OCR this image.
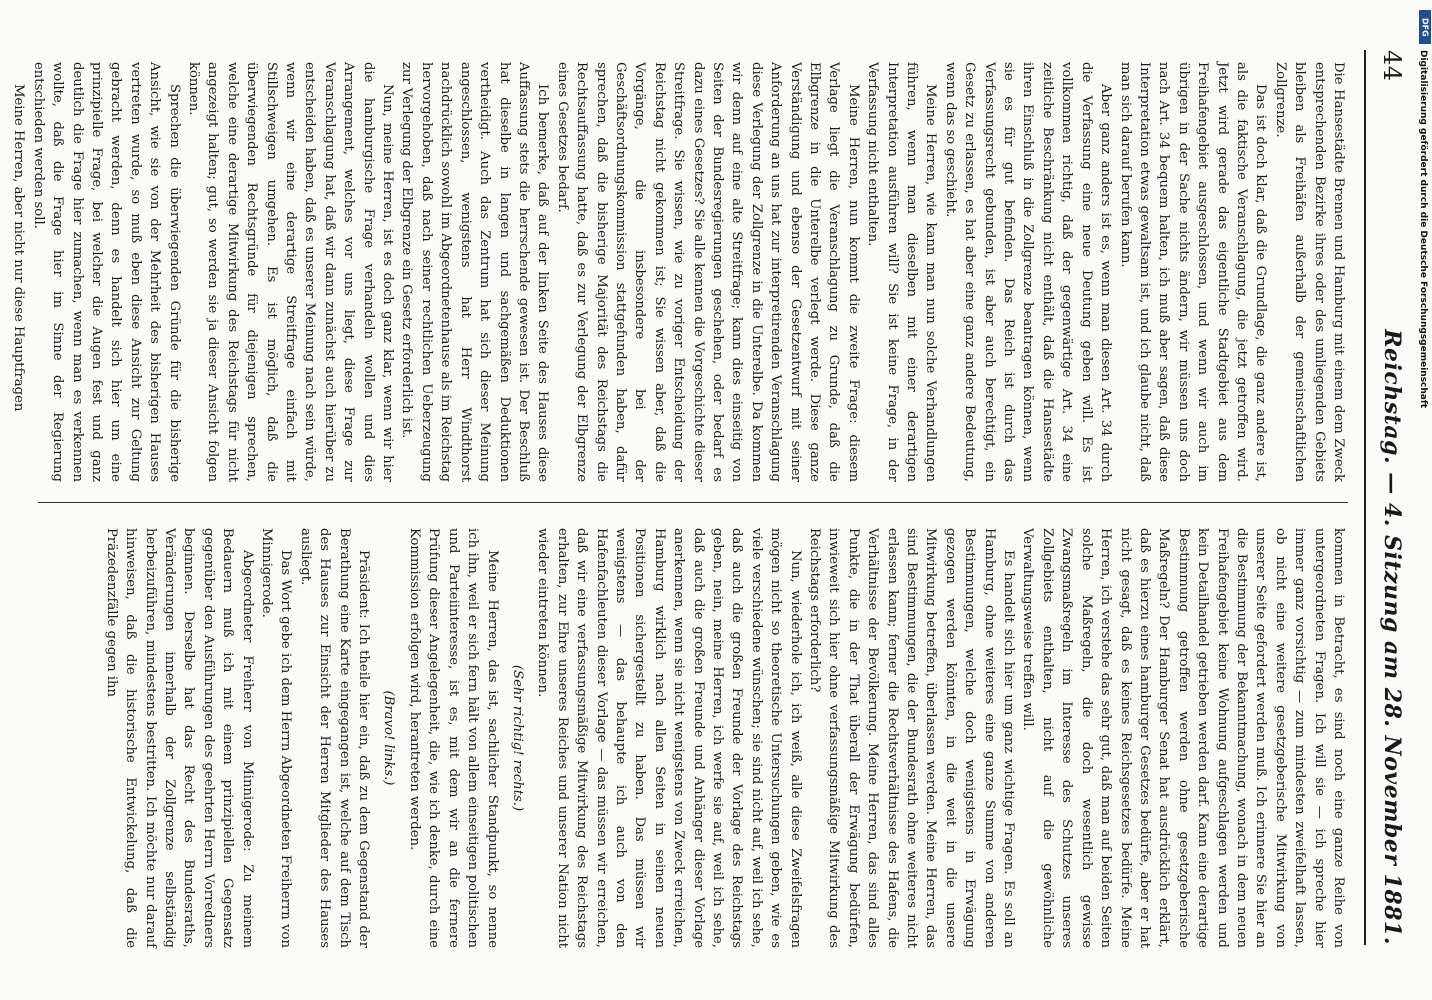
44
Reichstag. — 4. Sitzung am 28. November 1881.

Die Hansestädte Bremen und Hamburg mit einem dem Zweck entsprechenden Bezirke ihres oder des umliegenden Gebiets bleiben als Freihäfen außerhalb der gemeinschaftlichen Zollgrenze.

Das ist doch klar, daß die Grundlage, die ganz andere ist, als die faktische Veranschlagung, die jetzt getroffen wird. Jetzt wird gerade das eigentliche Stadtgebiet aus dem Freihafengebiet ausgeschlossen, und wenn wir auch im übrigen in der Sache nichts ändern, wir müssen uns doch nach Art. 34 bequem halten, ich muß aber sagen, daß diese Interpretation etwas gewaltsam ist, und ich glaube nicht, daß man sich darauf berufen kann.

Aber ganz anders ist es, wenn man diesen Art. 34 durch die Verfassung eine neue Deutung geben will. Es ist vollkommen richtig, daß der gegenwärtige Art. 34 eine zeitliche Beschränkung nicht enthält, daß die Hansestädte ihren Einschluß in die Zollgrenze beantragen können, wenn sie es für gut befinden. Das Reich ist durch das Verfassungsrecht gebunden, ist aber auch berechtigt, ein Gesetz zu erlassen, es hat aber eine ganz andere Bedeutung, wenn das so geschieht.

Meine Herren, wie kann man nun solche Verhandlungen führen, wenn man dieselben mit einer derartigen Interpretation ausführen will? Sie ist keine Frage, in der Verfassung nicht enthalten.

Meine Herren, nun kommt die zweite Frage: diesem Verlage liegt die Veranschlagung zu Grunde, daß die Elbgrenze in die Unterelbe verlegt werde. Diese ganze Verständigung und ebenso der Gesetzentwurf mit seiner Anforderung an uns hat zur interpretirenden Veranschlagung diese Verlegung der Zollgrenze in die Unterelbe. Da kommen wir denn auf eine alte Streitfrage; kann dies einseitig von Seiten der Bundesregierungen geschehen, oder bedarf es dazu eines Gesetzes? Sie alle kennen die Vorgeschichte dieser Streitfrage. Sie wissen, wie zu voriger Entscheidung der Reichstag nicht gekommen ist; Sie wissen aber, daß die Vorgänge, die insbesondere bei der Geschäftsordnungskommission stattgefunden haben, dafür sprechen, daß die bisherige Majorität des Reichstags die Rechtsauffassung hatte, daß es zur Verlegung der Elbgrenze eines Gesetzes bedarf.

Ich bemerke, daß auf der linken Seite des Hauses diese Auffassung stets die herrschende gewesen ist. Der Beschluß hat dieselbe in langen und sachgemäßen Deduktionen vertheidigt. Auch das Zentrum hat sich dieser Meinung angeschlossen, wenigstens hat Herr Windthorst nachdrücklich sowohl im Abgeordnetenhause als im Reichstag hervorgehoben, daß nach seiner rechtlichen Ueberzeugung zur Verlegung der Elbgrenze ein Gesetz erforderlich ist.

Nun, meine Herren, ist es doch ganz klar, wenn wir hier die hamburgische Frage verhandeln wollen und dies Arrangement, welches vor uns liegt, diese Frage zur Veranschlagung hat, daß wir dann zunächst auch hierüber zu entscheiden haben, daß es unserer Meinung nach sein würde, wenn wir eine derartige Streitfrage einfach mit Stillschweigen umgehen. Es ist möglich, daß die überwiegenden Rechtsgründe für diejenigen sprechen, welche eine derartige Mitwirkung des Reichstags für nicht angezeigt halten; gut, so werden sie ja dieser Ansicht folgen können.

Sprechen die überwiegenden Gründe für die bisherige Ansicht, wie sie von der Mehrheit des bisherigen Hauses vertreten wurde, so muß eben diese Ansicht zur Geltung gebracht werden, denn es handelt sich hier um eine prinzipielle Frage, bei welcher die Augen fest und ganz deutlich die Frage hier zumachen, wenn man es verkennen wollte, daß die Frage hier im Sinne der Regierung entschieden werden soll.

Meine Herren, aber nicht nur diese Hauptfragen

kommen in Betracht, es sind noch eine ganze Reihe von untergeordneten Fragen. Ich will sie — ich spreche hier immer ganz vorsichtig — zum mindesten zweifelhaft lassen, ob nicht eine weitere gesetzgeberische Mitwirkung von unserer Seite gefordert werden muß. Ich erinnere Sie hier an die Bestimmung der Bekanntmachung, wonach in dem neuen Freihafengebiet keine Wohnung aufgeschlagen werden und kein Detailhandel getrieben werden darf. Kann eine derartige Bestimmung getroffen werden ohne gesetzgeberische Maßregeln? Der Hamburger Senat hat ausdrücklich erklärt, daß es hierzu eines hamburger Gesetzes bedürfe, aber er hat nicht gesagt, daß es keines Reichsgesetzes bedürfe. Meine Herren, ich verstehe das sehr gut, daß man auf beiden Seiten solche Maßregeln, die doch wesentlich gewisse Zwangsmaßregeln im Interesse des Schutzes unseres Zollgebiets enthalten, nicht auf die gewöhnliche Verwaltungsweise treffen will.

Es handelt sich hier um ganz wichtige Fragen. Es soll an Hamburg, ohne weiteres eine ganze Summe von anderen Bestimmungen, welche doch wenigstens in Erwägung gezogen werden könnten, in die weit in die unsere Mitwirkung betreffen, überlassen werden. Meine Herren, das sind Bestimmungen, die der Bundesrath ohne weiteres nicht erlassen kann; ferner die Rechtsverhältnisse des Hafens, die Verhältnisse der Bevölkerung. Meine Herren, das sind alles Punkte, die in der That überall der Erwägung bedürfen, inwieweit sich hier ohne verfassungsmäßige Mitwirkung des Reichstags erforderlich?

Nun, wiederhole ich, ich weiß, alle diese Zweifelsfragen mögen nicht so theoretische Untersuchungen geben, wie es viele verschiedene wünschen; sie sind nicht auf, weil ich sehe, daß auch die großen Freunde der Vorlage des Reichstags geben, nein, meine Herren, ich werfe sie auf, weil ich sehe, daß auch die großen Freunde und Anhänger dieser Vorlage anerkennen, wenn sie nicht wenigstens von Zweck erreichen, Hamburg wirklich nach allen Seiten in seinen neuen Positionen sichergestellt zu haben. Das müssen wir wenigstens — das behaupte ich auch von den Hafenfachleuten dieser Vorlage — das müssen wir erreichen, daß wir eine verfassungsmäßige Mitwirkung des Reichstags erhalten, zur Ehre unseres Reiches und unserer Nation nicht wieder eintreten können.

(Sehr richtig! rechts.)

Meine Herren, das ist, sachlicher Standpunkt, so nenne ich ihn, weil er sich fern hält von allem einseitigen politischen und Parteiinteresse, ist es, mit dem wir an die fernere Prüfung dieser Angelegenheit, die, wie ich denke, durch eine Kommission erfolgen wird, herantreten werden.

(Bravo! links.)

Präsident: Ich theile hier ein, daß zu dem Gegenstand der Berathung eine Karte eingegangen ist, welche auf dem Tisch des Hauses zur Einsicht der Herren Mitglieder des Hauses ausliegt.

Das Wort gebe ich dem Herrn Abgeordneten Freiherrn von Minnigerode.

Abgeordneter Freiherr von Minnigerode: Zu meinem Bedauern muß ich mit einem prinzipiellen Gegensatz gegenüber den Ausführungen des geehrten Herrn Vorredners beginnen. Derselbe hat das Recht des Bundesraths, Veränderungen innerhalb der Zollgrenze selbständig herbeizuführen, mindestens bestritten. Ich möchte nur darauf hinweisen, daß die historische Entwickelung, daß die Präzedenzfälle gegen ihn

DFG
Digitalisierung gefördert durch die Deutsche Forschungsgemeinschaft
